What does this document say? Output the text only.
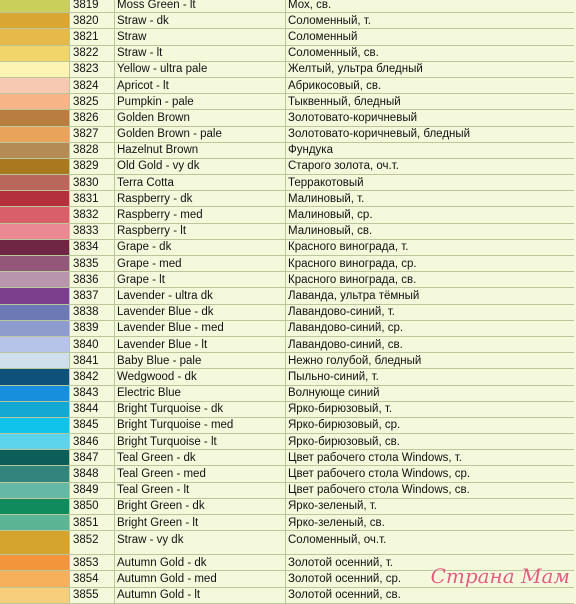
3819	Moss Green - lt	Мох, св.
3820	Straw - dk	Соломенный, т.
3821	Straw	Соломенный
3822	Straw - lt	Соломенный, св.
3823	Yellow - ultra pale	Желтый, ультра бледный
3824	Apricot - lt	Абрикосовый, св.
3825	Pumpkin - pale	Тыквенный, бледный
3826	Golden Brown	Золотовато-коричневый
3827	Golden Brown - pale	Золотовато-коричневый, бледный
3828	Hazelnut Brown	Фундука
3829	Old Gold - vy dk	Старого золота, оч.т.
3830	Terra Cotta	Терракотовый
3831	Raspberry - dk	Малиновый, т.
3832	Raspberry - med	Малиновый, ср.
3833	Raspberry - lt	Малиновый, св.
3834	Grape - dk	Красного винограда, т.
3835	Grape - med	Красного винограда, ср.
3836	Grape - lt	Красного винограда, св.
3837	Lavender - ultra dk	Лаванда, ультра тёмный
3838	Lavender Blue - dk	Лавандово-синий, т.
3839	Lavender Blue - med	Лавандово-синий, ср.
3840	Lavender Blue - lt	Лавандово-синий, св.
3841	Baby Blue - pale	Нежно голубой, бледный
3842	Wedgwood - dk	Пыльно-синий, т.
3843	Electric Blue	Волнующе синий
3844	Bright Turquoise - dk	Ярко-бирюзовый, т.
3845	Bright Turquoise - med	Ярко-бирюзовый, ср.
3846	Bright Turquoise - lt	Ярко-бирюзовый, св.
3847	Teal Green - dk	Цвет рабочего стола Windows, т.
3848	Teal Green - med	Цвет рабочего стола Windows, ср.
3849	Teal Green - lt	Цвет рабочего стола Windows, св.
3850	Bright Green - dk	Ярко-зеленый, т.
3851	Bright Green - lt	Ярко-зеленый, св.
3852	Straw - vy dk	Соломенный, оч.т.
3853	Autumn Gold - dk	Золотой осенний, т.
3854	Autumn Gold - med	Золотой осенний, ср.
3855	Autumn Gold - lt	Золотой осенний, св.
Страна Мам
